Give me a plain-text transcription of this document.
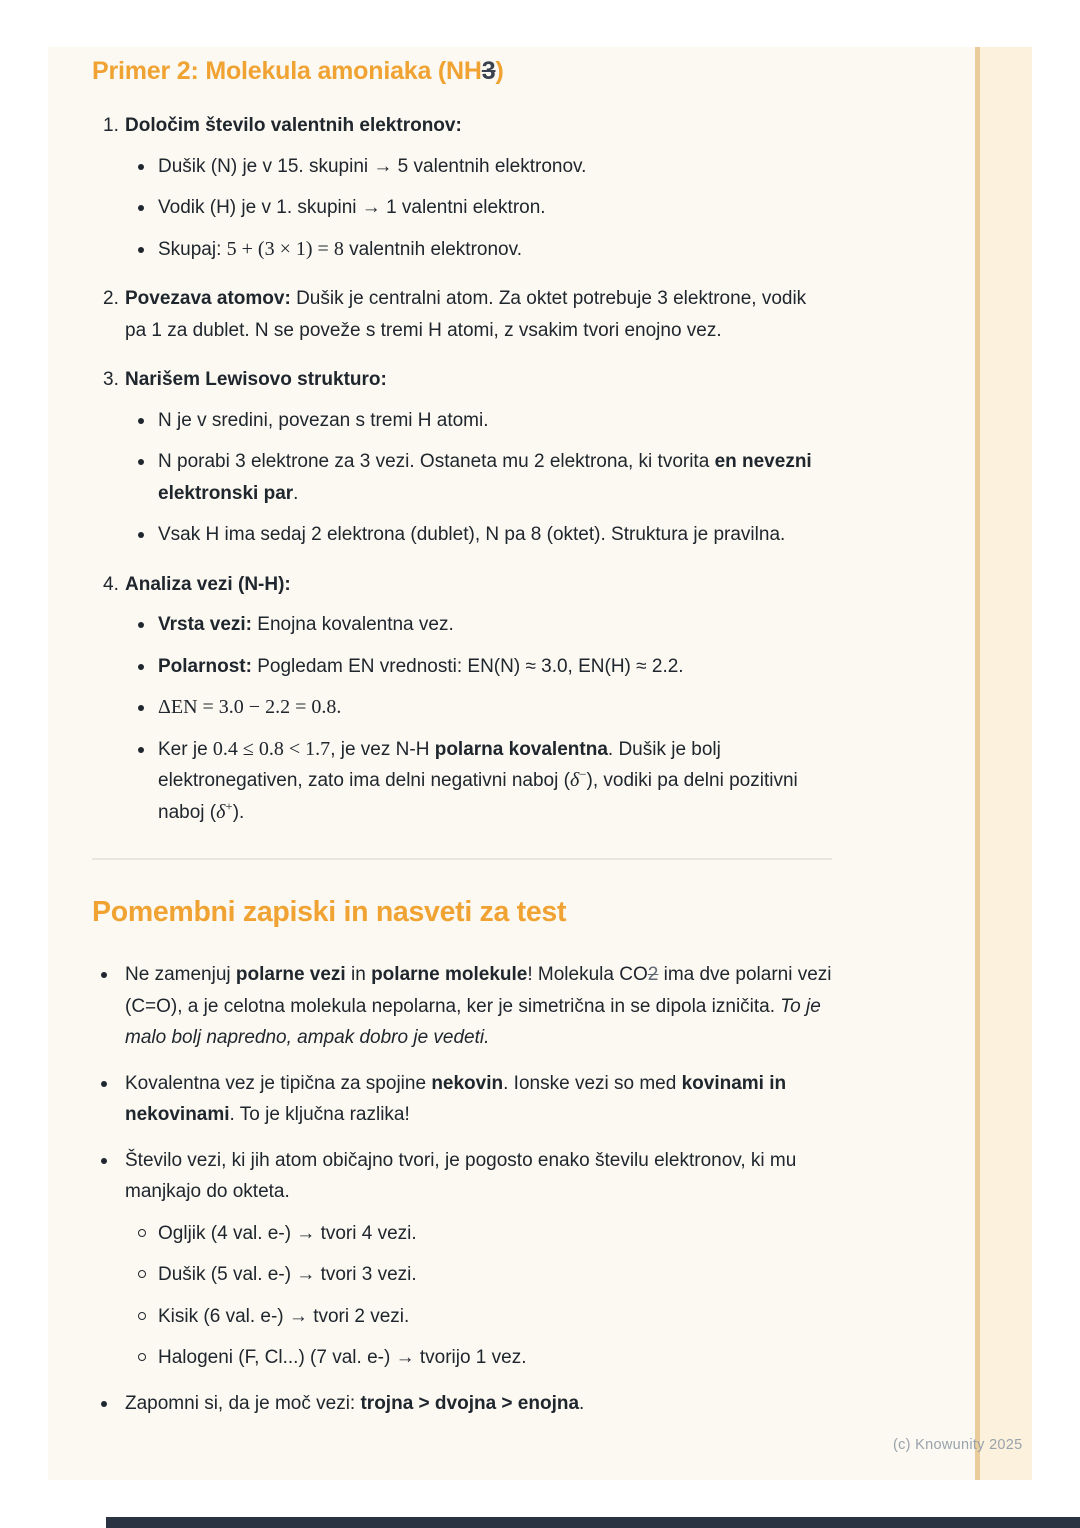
Primer 2: Molekula amoniaka (NH3)
1. Določim število valentnih elektronov:
Dušik (N) je v 15. skupini → 5 valentnih elektronov.
Vodik (H) je v 1. skupini → 1 valentni elektron.
Skupaj: 5 + (3 × 1) = 8 valentnih elektronov.
2. Povezava atomov: Dušik je centralni atom. Za oktet potrebuje 3 elektrone, vodik pa 1 za dublet. N se poveže s tremi H atomi, z vsakim tvori enojno vez.
3. Narišem Lewisovo strukturo:
N je v sredini, povezan s tremi H atomi.
N porabi 3 elektrone za 3 vezi. Ostaneta mu 2 elektrona, ki tvorita en nevezni elektronski par.
Vsak H ima sedaj 2 elektrona (dublet), N pa 8 (oktet). Struktura je pravilna.
4. Analiza vezi (N-H):
Vrsta vezi: Enojna kovalentna vez.
Polarnost: Pogledam EN vrednosti: EN(N) ≈ 3.0, EN(H) ≈ 2.2.
ΔEN = 3.0 − 2.2 = 0.8.
Ker je 0.4 ≤ 0.8 < 1.7, je vez N-H polarna kovalentna. Dušik je bolj elektronegativen, zato ima delni negativni naboj (δ−), vodiki pa delni pozitivni naboj (δ+).
Pomembni zapiski in nasveti za test
Ne zamenjuj polarne vezi in polarne molekule! Molekula CO2 ima dve polarni vezi (C=O), a je celotna molekula nepolarna, ker je simetrična in se dipola izničita. To je malo bolj napredno, ampak dobro je vedeti.
Kovalentna vez je tipična za spojine nekovin. Ionske vezi so med kovinami in nekovinami. To je ključna razlika!
Število vezi, ki jih atom običajno tvori, je pogosto enako številu elektronov, ki mu manjkajo do okteta.
Ogljik (4 val. e-) → tvori 4 vezi.
Dušik (5 val. e-) → tvori 3 vezi.
Kisik (6 val. e-) → tvori 2 vezi.
Halogeni (F, Cl...) (7 val. e-) → tvorijo 1 vez.
Zapomni si, da je moč vezi: trojna > dvojna > enojna.
(c) Knowunity 2025
